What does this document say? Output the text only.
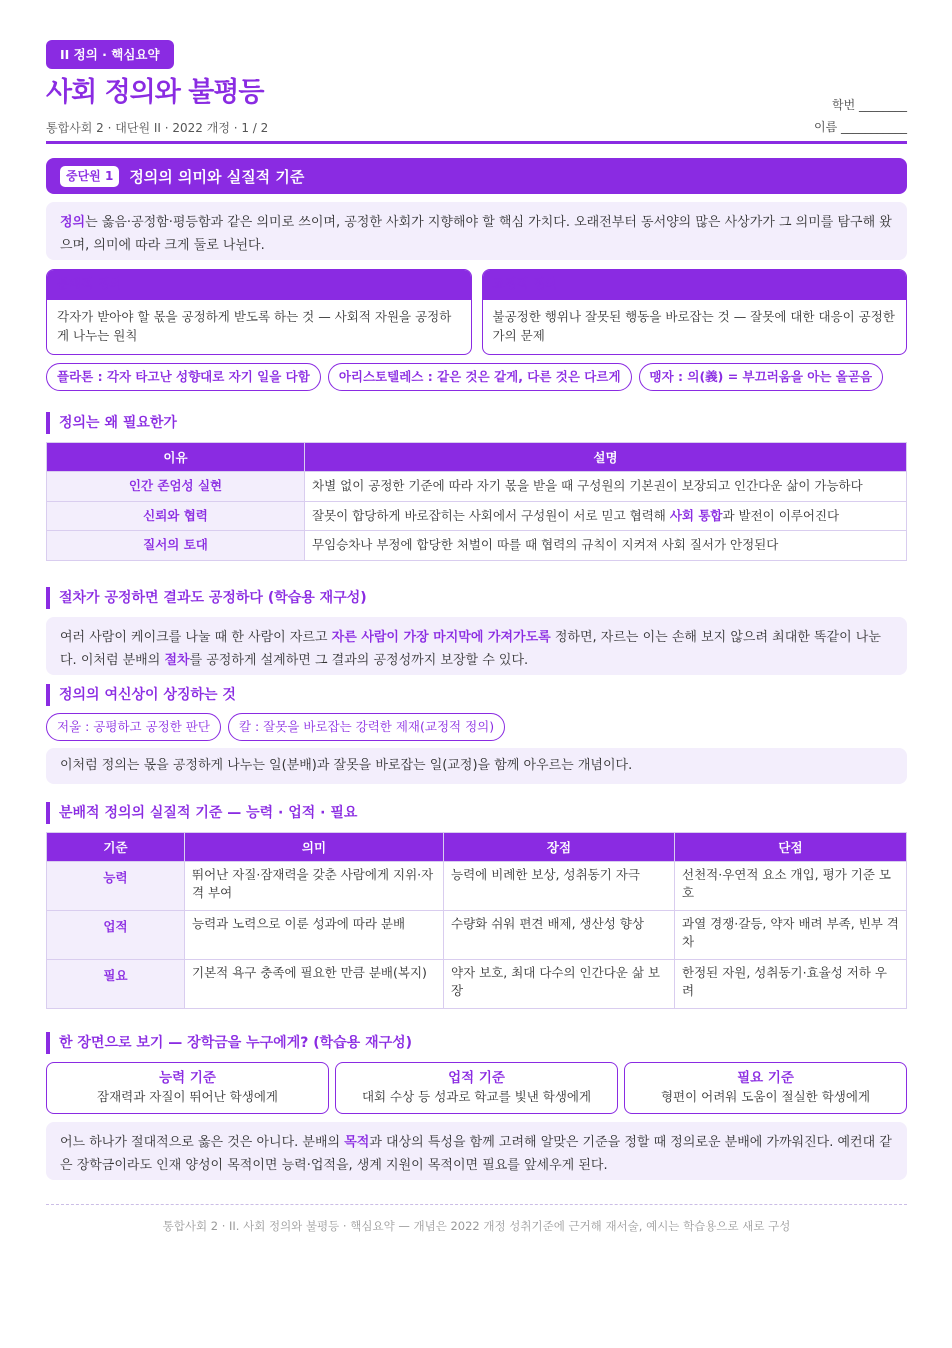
II 정의 · 핵심요약
사회 정의와 불평등
통합사회 2 · 대단원 II · 2022 개정 · 1 / 2
학번 ________
이름 ___________
중단원 1	정의의 의미와 실질적 기준
정의는 옳음·공정함·평등함과 같은 의미로 쓰이며, 공정한 사회가 지향해야 할 핵심 가치다. 오래전부터 동서양의 많은 사상가가 그 의미를 탐구해 왔으며, 의미에 따라 크게 둘로 나뉜다.
분배적 정의
각자가 받아야 할 몫을 공정하게 받도록 하는 것 — 사회적 자원을 공정하게 나누는 원칙
교정적 정의
불공정한 행위나 잘못된 행동을 바로잡는 것 — 잘못에 대한 대응이 공정한가의 문제
플라톤 : 각자 타고난 성향대로 자기 일을 다함	아리스토텔레스 : 같은 것은 같게, 다른 것은 다르게	맹자 : 의(義) = 부끄러움을 아는 올곧음
정의는 왜 필요한가
이유	설명
인간 존엄성 실현	차별 없이 공정한 기준에 따라 자기 몫을 받을 때 구성원의 기본권이 보장되고 인간다운 삶이 가능하다
신뢰와 협력	잘못이 합당하게 바로잡히는 사회에서 구성원이 서로 믿고 협력해 사회 통합과 발전이 이루어진다
질서의 토대	무임승차나 부정에 합당한 처벌이 따를 때 협력의 규칙이 지켜져 사회 질서가 안정된다
절차가 공정하면 결과도 공정하다 (학습용 재구성)
여러 사람이 케이크를 나눌 때 한 사람이 자르고 자른 사람이 가장 마지막에 가져가도록 정하면, 자르는 이는 손해 보지 않으려 최대한 똑같이 나눈다. 이처럼 분배의 절차를 공정하게 설계하면 그 결과의 공정성까지 보장할 수 있다.
정의의 여신상이 상징하는 것
저울 : 공평하고 공정한 판단	칼 : 잘못을 바로잡는 강력한 제재(교정적 정의)
이처럼 정의는 몫을 공정하게 나누는 일(분배)과 잘못을 바로잡는 일(교정)을 함께 아우르는 개념이다.
분배적 정의의 실질적 기준 — 능력 · 업적 · 필요
기준	의미	장점	단점
능력	뛰어난 자질·잠재력을 갖춘 사람에게 지위·자격 부여	능력에 비례한 보상, 성취동기 자극	선천적·우연적 요소 개입, 평가 기준 모호
업적	능력과 노력으로 이룬 성과에 따라 분배	수량화 쉬워 편견 배제, 생산성 향상	과열 경쟁·갈등, 약자 배려 부족, 빈부 격차
필요	기본적 욕구 충족에 필요한 만큼 분배(복지)	약자 보호, 최대 다수의 인간다운 삶 보장	한정된 자원, 성취동기·효율성 저하 우려
한 장면으로 보기 — 장학금을 누구에게? (학습용 재구성)
능력 기준
잠재력과 자질이 뛰어난 학생에게
업적 기준
대회 수상 등 성과로 학교를 빛낸 학생에게
필요 기준
형편이 어려워 도움이 절실한 학생에게
어느 하나가 절대적으로 옳은 것은 아니다. 분배의 목적과 대상의 특성을 함께 고려해 알맞은 기준을 정할 때 정의로운 분배에 가까워진다. 예컨대 같은 장학금이라도 인재 양성이 목적이면 능력·업적을, 생계 지원이 목적이면 필요를 앞세우게 된다.
통합사회 2 · II. 사회 정의와 불평등 · 핵심요약 — 개념은 2022 개정 성취기준에 근거해 재서술, 예시는 학습용으로 새로 구성
